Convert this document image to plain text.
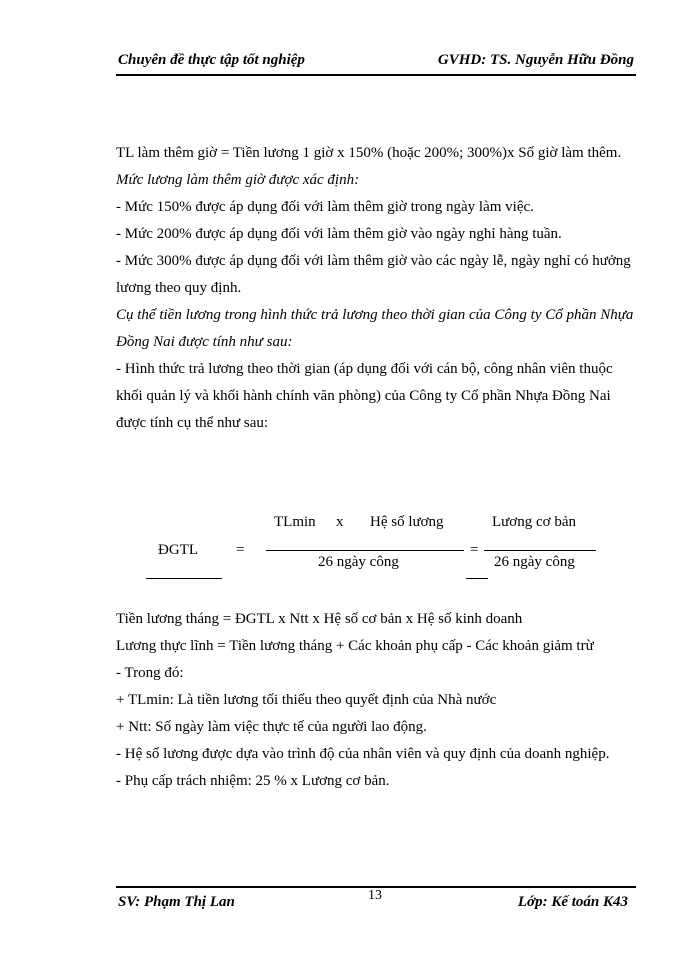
Chuyên đề thực tập tốt nghiệp	GVHD: TS. Nguyễn Hữu Đồng

TL làm thêm giờ = Tiền lương 1 giờ x 150% (hoặc 200%; 300%)x Số giờ làm thêm.

Mức lương làm thêm giờ được xác định:

- Mức 150% được áp dụng đối với làm thêm giờ trong ngày làm việc.

- Mức 200% được áp dụng đối với làm thêm giờ vào ngày nghỉ hàng tuần.

- Mức 300% được áp dụng đối với làm thêm giờ vào các ngày lễ, ngày nghỉ có hưởng lương theo quy định.

Cụ thể tiền lương trong hình thức trả lương theo thời gian của Công ty Cổ phần Nhựa Đồng Nai được tính như sau:

- Hình thức trả lương theo thời gian (áp dụng đối với cán bộ, công nhân viên thuộc khối quản lý và khối hành chính văn phòng) của Công ty Cổ phần Nhựa Đồng Nai được tính cụ thể như sau:

TLmin x Hệ số lương	Lương cơ bản
ĐGTL	=	=
26 ngày công	26 ngày công

Tiền lương tháng = ĐGTL x Ntt x Hệ số cơ bản x Hệ số kinh doanh

Lương thực lĩnh = Tiền lương tháng + Các khoản phụ cấp - Các khoản giảm trừ

- Trong đó:

+ TLmin: Là tiền lương tối thiểu theo quyết định của Nhà nước

+ Ntt: Số ngày làm việc thực tế của người lao động.

- Hệ số lương được dựa vào trình độ của nhân viên và quy định của doanh nghiệp.

- Phụ cấp trách nhiệm: 25 % x Lương cơ bản.

SV: Phạm Thị Lan	13	Lớp: Kế toán K43
